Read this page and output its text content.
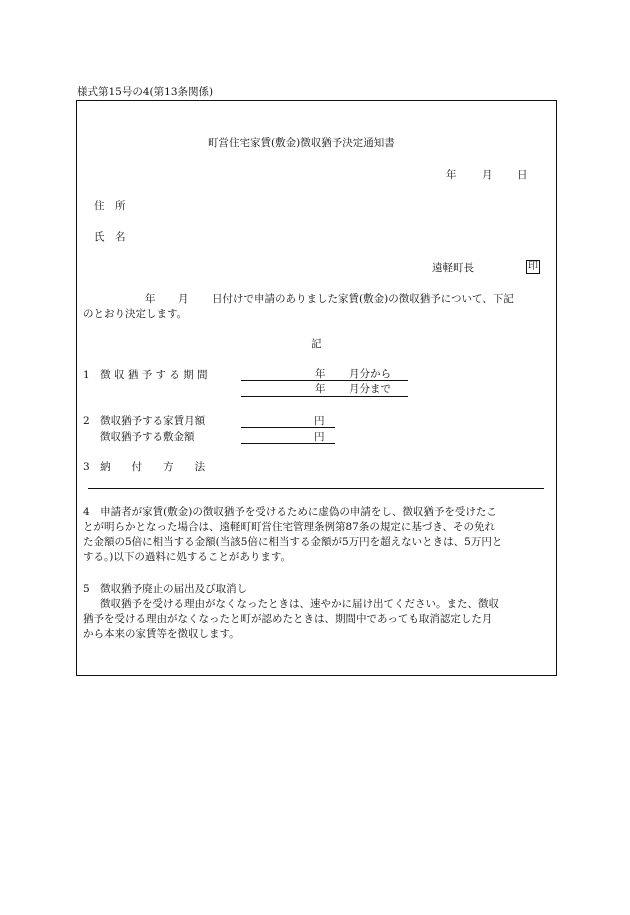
様式第15号の4(第13条関係)
町営住宅家賃(敷金)徴収猶予決定通知書
年 月 日
住　所
氏　名
遠軽町長	印
年 月 日付けで申請のありました家賃(敷金)の徴収猶予について、下記
のとおり決定します。
記
1　徴 収 猶 予 す る 期 間	年 月分から
年 月分まで
2　徴収猶予する家賃月額	円
徴収猶予する敷金額	円
3　納　　付　　方　　法
4　申請者が家賃(敷金)の徴収猶予を受けるために虚偽の申請をし、徴収猶予を受けたこ
とが明らかとなった場合は、遠軽町町営住宅管理条例第87条の規定に基づき、その免れ
た金額の5倍に相当する金額(当該5倍に相当する金額が5万円を超えないときは、5万円と
する。)以下の過料に処することがあります。
5　徴収猶予廃止の届出及び取消し
徴収猶予を受ける理由がなくなったときは、速やかに届け出てください。また、徴収
猶予を受ける理由がなくなったと町が認めたときは、期間中であっても取消認定した月
から本来の家賃等を徴収します。
